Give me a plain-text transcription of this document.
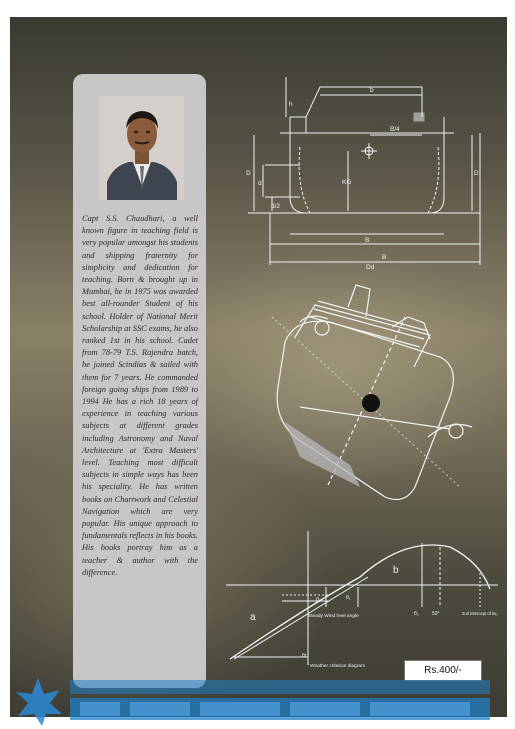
Capt S.S. Chaudhari, a well known figure in teaching field is very popular amongst his students and shipping fraternity for simplicity and dedication for teaching. Born & brought up in Mumbai, he in 1975 was awarded best all-rounder Student of his school. Holder of National Merit Scholarship at SSC exams, he also ranked 1st in his school. Cadet from 78-79 T.S. Rajendra batch, he joined Scindias & sailed with them for 7 years. He commanded foreign going ships from 1989 to 1994 He has a rich 18 years of experience in teaching various subjects at different grades including Astronomy and Naval Architecture at 'Extra Masters' level. Teaching most difficult subjects in simple ways has been his speciality. He has written books on Chartwork and Celestial Navigation which are very popular. His unique approach to fundamentals reflects in his books. His books portray him as a teacher & author with the difference.
b
B/4
h
D	D
d
d/2
KG
B
B
Dd
b
a	Steady Wind heel angle
Weather criterion diagram
θ₀	θ₁
θ₂	50°	2nd intercept of lw₂
θr
Rs.400/-
